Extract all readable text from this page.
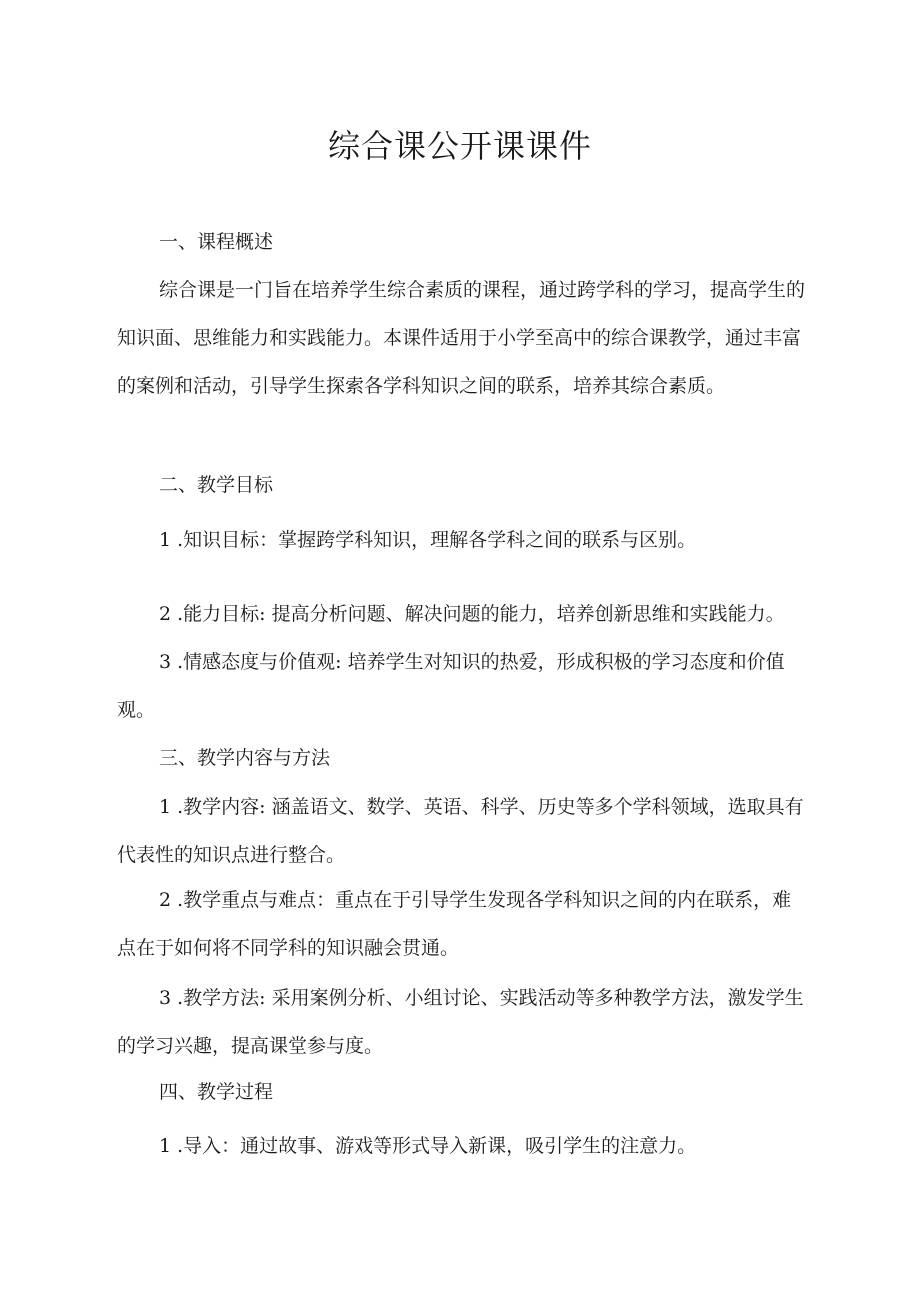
综合课公开课课件

一、课程概述

综合课是一门旨在培养学生综合素质的课程，通过跨学科的学习，提高学生的知识面、思维能力和实践能力。本课件适用于小学至高中的综合课教学，通过丰富的案例和活动，引导学生探索各学科知识之间的联系，培养其综合素质。

二、教学目标

1 .知识目标：掌握跨学科知识，理解各学科之间的联系与区别。

2 .能力目标: 提高分析问题、解决问题的能力，培养创新思维和实践能力。

3 .情感态度与价值观: 培养学生对知识的热爱，形成积极的学习态度和价值观。

三、教学内容与方法

1 .教学内容: 涵盖语文、数学、英语、科学、历史等多个学科领域，选取具有代表性的知识点进行整合。

2 .教学重点与难点：重点在于引导学生发现各学科知识之间的内在联系，难点在于如何将不同学科的知识融会贯通。

3 .教学方法: 采用案例分析、小组讨论、实践活动等多种教学方法，激发学生的学习兴趣，提高课堂参与度。

四、教学过程

1 .导入：通过故事、游戏等形式导入新课，吸引学生的注意力。
